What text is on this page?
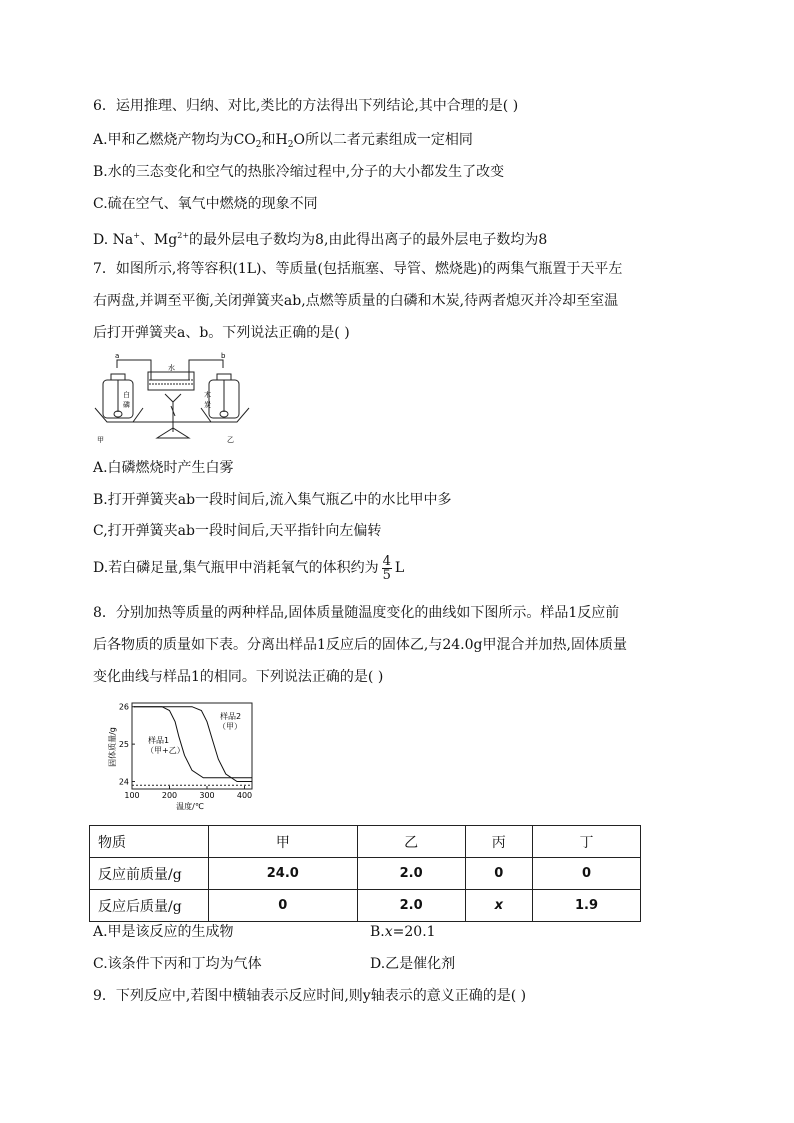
6．运用推理、归纳、对比,类比的方法得出下列结论,其中合理的是( )
A.甲和乙燃烧产物均为$CO_2$和$H_2O$所以二者元素组成一定相同
B.水的三态变化和空气的热胀冷缩过程中,分子的大小都发生了改变
C.硫在空气、氧气中燃烧的现象不同
D. Na+、$Mg^{2+}$的最外层电子数均为8,由此得出离子的最外层电子数均为8
7．如图所示,将等容积(1L)、等质量(包括瓶塞、导管、燃烧匙)的两集气瓶置于天平左
右两盘,并调至平衡,关闭弹簧夹ab,点燃等质量的白磷和木炭,待两者熄灭并冷却至室温
后打开弹簧夹a、b。下列说法正确的是( )
a	b
水
白
磷
木
炭
甲	乙
A.白磷燃烧时产生白雾
B.打开弹簧夹ab一段时间后,流入集气瓶乙中的水比甲中多
C,打开弹簧夹ab一段时间后,天平指针向左偏转
D.若白磷足量,集气瓶甲中消耗氧气的体积约为 $\frac{4}{5}$ L
8．分别加热等质量的两种样品,固体质量随温度变化的曲线如下图所示。样品1反应前
后各物质的质量如下表。分离出样品1反应后的固体乙,与24.0g甲混合并加热,固体质量
变化曲线与样品1的相同。下列说法正确的是( )
100	200	300	400
24
25
26
样品1
（甲+乙）
样品2
（甲）
固体质量/g
温度/℃
物质	甲	乙	丙	丁
反应前质量/g	24.0	2.0	0	0
反应后质量/g	0	2.0	x	1.9
A.甲是该反应的生成物	B.x=20.1
C.该条件下丙和丁均为气体	D.乙是催化剂
9．下列反应中,若图中横轴表示反应时间,则y轴表示的意义正确的是( )
